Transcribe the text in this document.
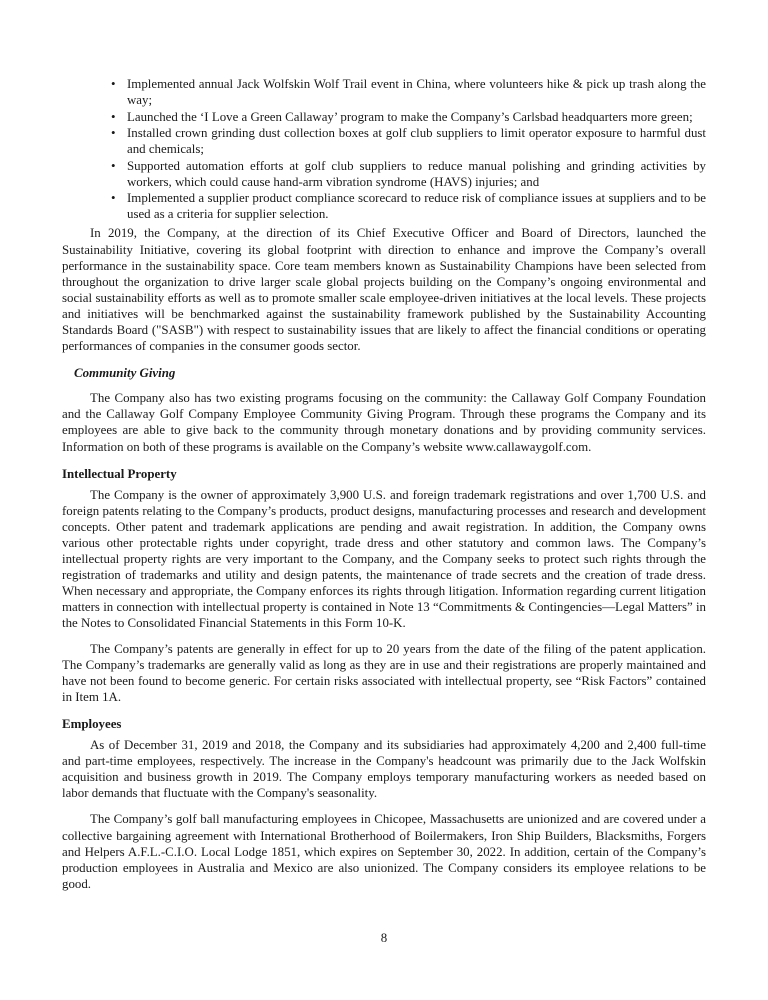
• Implemented annual Jack Wolfskin Wolf Trail event in China, where volunteers hike & pick up trash along the way;
• Launched the ‘I Love a Green Callaway’ program to make the Company’s Carlsbad headquarters more green;
• Installed crown grinding dust collection boxes at golf club suppliers to limit operator exposure to harmful dust and chemicals;
• Supported automation efforts at golf club suppliers to reduce manual polishing and grinding activities by workers, which could cause hand-arm vibration syndrome (HAVS) injuries; and
• Implemented a supplier product compliance scorecard to reduce risk of compliance issues at suppliers and to be used as a criteria for supplier selection.

In 2019, the Company, at the direction of its Chief Executive Officer and Board of Directors, launched the Sustainability Initiative, covering its global footprint with direction to enhance and improve the Company’s overall performance in the sustainability space. Core team members known as Sustainability Champions have been selected from throughout the organization to drive larger scale global projects building on the Company’s ongoing environmental and social sustainability efforts as well as to promote smaller scale employee-driven initiatives at the local levels. These projects and initiatives will be benchmarked against the sustainability framework published by the Sustainability Accounting Standards Board ("SASB") with respect to sustainability issues that are likely to affect the financial conditions or operating performances of companies in the consumer goods sector.

Community Giving

The Company also has two existing programs focusing on the community: the Callaway Golf Company Foundation and the Callaway Golf Company Employee Community Giving Program. Through these programs the Company and its employees are able to give back to the community through monetary donations and by providing community services. Information on both of these programs is available on the Company’s website www.callawaygolf.com.

Intellectual Property

The Company is the owner of approximately 3,900 U.S. and foreign trademark registrations and over 1,700 U.S. and foreign patents relating to the Company’s products, product designs, manufacturing processes and research and development concepts. Other patent and trademark applications are pending and await registration. In addition, the Company owns various other protectable rights under copyright, trade dress and other statutory and common laws. The Company’s intellectual property rights are very important to the Company, and the Company seeks to protect such rights through the registration of trademarks and utility and design patents, the maintenance of trade secrets and the creation of trade dress. When necessary and appropriate, the Company enforces its rights through litigation. Information regarding current litigation matters in connection with intellectual property is contained in Note 13 “Commitments & Contingencies—Legal Matters” in the Notes to Consolidated Financial Statements in this Form 10-K.

The Company’s patents are generally in effect for up to 20 years from the date of the filing of the patent application. The Company’s trademarks are generally valid as long as they are in use and their registrations are properly maintained and have not been found to become generic. For certain risks associated with intellectual property, see “Risk Factors” contained in Item 1A.

Employees

As of December 31, 2019 and 2018, the Company and its subsidiaries had approximately 4,200 and 2,400 full-time and part-time employees, respectively. The increase in the Company's headcount was primarily due to the Jack Wolfskin acquisition and business growth in 2019. The Company employs temporary manufacturing workers as needed based on labor demands that fluctuate with the Company's seasonality.

The Company’s golf ball manufacturing employees in Chicopee, Massachusetts are unionized and are covered under a collective bargaining agreement with International Brotherhood of Boilermakers, Iron Ship Builders, Blacksmiths, Forgers and Helpers A.F.L.-C.I.O. Local Lodge 1851, which expires on September 30, 2022. In addition, certain of the Company’s production employees in Australia and Mexico are also unionized. The Company considers its employee relations to be good.

8
